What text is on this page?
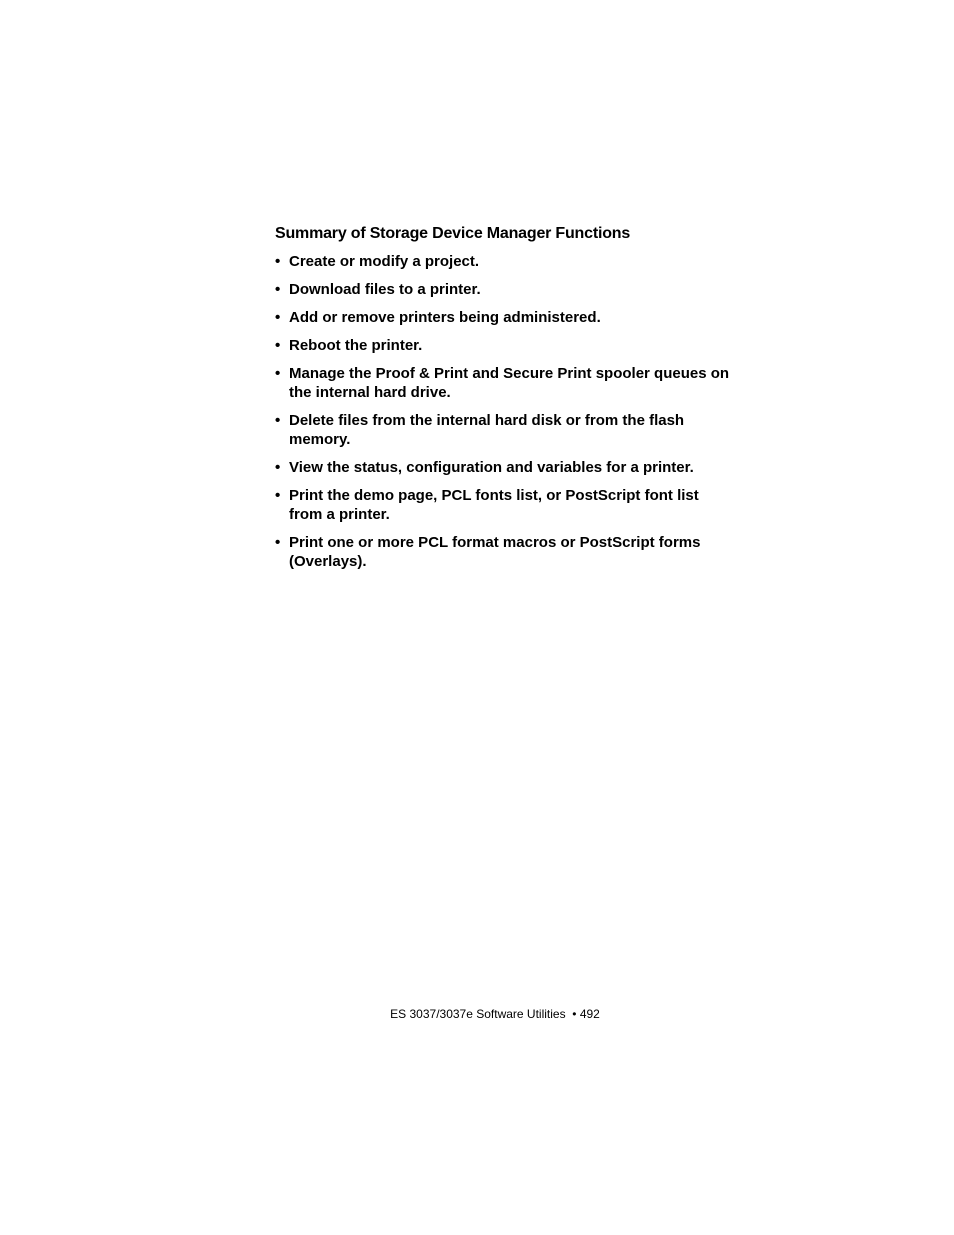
Summary of Storage Device Manager Functions
• Create or modify a project.
• Download files to a printer.
• Add or remove printers being administered.
• Reboot the printer.
• Manage the Proof & Print and Secure Print spooler queues on the internal hard drive.
• Delete files from the internal hard disk or from the flash memory.
• View the status, configuration and variables for a printer.
• Print the demo page, PCL fonts list, or PostScript font list from a printer.
• Print one or more PCL format macros or PostScript forms (Overlays).
ES 3037/3037e Software Utilities • 492
